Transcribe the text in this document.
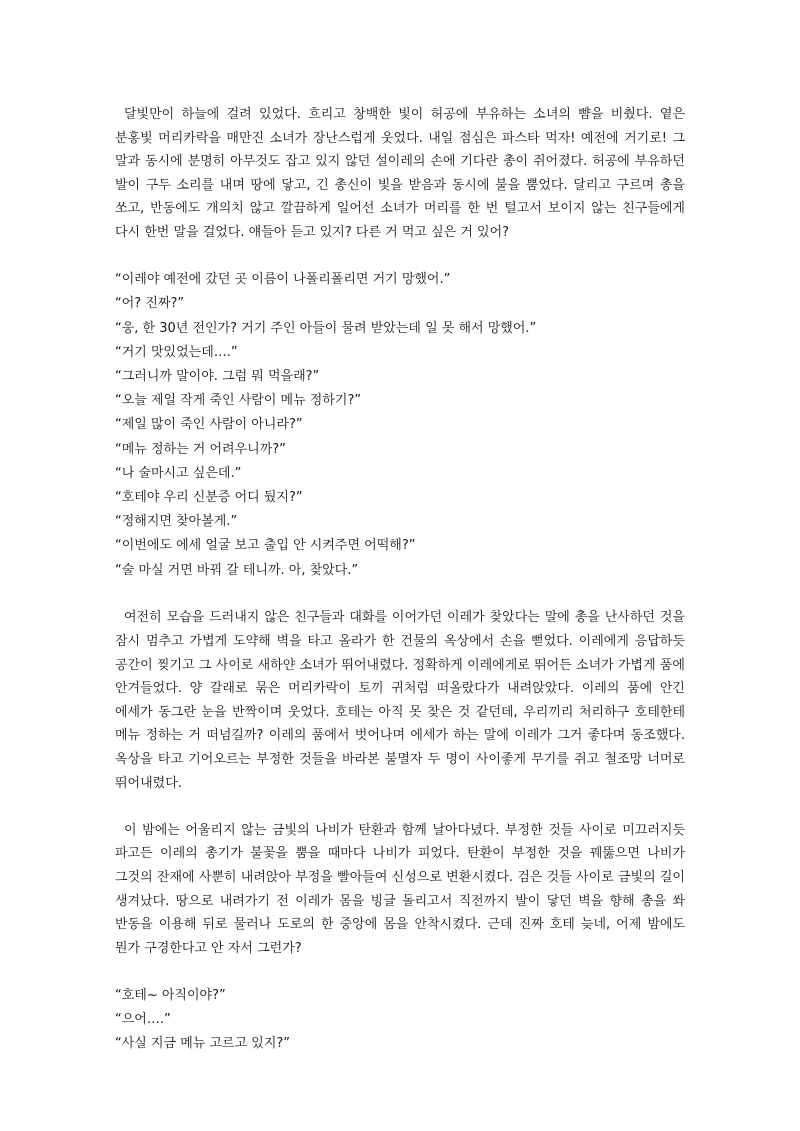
달빛만이 하늘에 걸려 있었다. 흐리고 창백한 빛이 허공에 부유하는 소녀의 뺨을 비췄다. 옅은 분홍빛 머리카락을 매만진 소녀가 장난스럽게 웃었다. 내일 점심은 파스타 먹자! 예전에 거기로! 그 말과 동시에 분명히 아무것도 잡고 있지 않던 설이레의 손에 기다란 총이 쥐어졌다. 허공에 부유하던 발이 구두 소리를 내며 땅에 닿고, 긴 총신이 빛을 받음과 동시에 불을 뿜었다. 달리고 구르며 총을 쏘고, 반동에도 개의치 않고 깔끔하게 일어선 소녀가 머리를 한 번 털고서 보이지 않는 친구들에게 다시 한번 말을 걸었다. 얘들아 듣고 있지? 다른 거 먹고 싶은 거 있어?

“이레야 예전에 갔던 곳 이름이 나폴리폴리면 거기 망했어.”
“어? 진짜?”
“웅, 한 30년 전인가? 거기 주인 아들이 물려 받았는데 일 못 해서 망했어.”
“거기 맛있었는데….”
“그러니까 말이야. 그럼 뭐 먹을래?”
“오늘 제일 작게 죽인 사람이 메뉴 정하기?”
“제일 많이 죽인 사람이 아니라?”
“메뉴 정하는 거 어려우니까?”
“나 술마시고 싶은데.”
“호테야 우리 신분증 어디 뒀지?”
“정해지면 찾아볼게.”
“이번에도 에세 얼굴 보고 출입 안 시켜주면 어떡해?”
“술 마실 거면 바꿔 갈 테니까. 아, 찾았다.”

여전히 모습을 드러내지 않은 친구들과 대화를 이어가던 이레가 찾았다는 말에 총을 난사하던 것을 잠시 멈추고 가볍게 도약해 벽을 타고 올라가 한 건물의 옥상에서 손을 뻗었다. 이레에게 응답하듯 공간이 찢기고 그 사이로 새하얀 소녀가 뛰어내렸다. 정확하게 이레에게로 뛰어든 소녀가 가볍게 품에 안겨들었다. 양 갈래로 묶은 머리카락이 토끼 귀처럼 떠올랐다가 내려앉았다. 이레의 품에 안긴 에세가 동그란 눈을 반짝이며 웃었다. 호테는 아직 못 찾은 것 같던데, 우리끼리 처리하구 호테한테 메뉴 정하는 거 떠넘길까? 이레의 품에서 벗어나며 에세가 하는 말에 이레가 그거 좋다며 동조했다. 옥상을 타고 기어오르는 부정한 것들을 바라본 불멸자 두 명이 사이좋게 무기를 쥐고 철조망 너머로 뛰어내렸다.

이 밤에는 어울리지 않는 금빛의 나비가 탄환과 함께 날아다녔다. 부정한 것들 사이로 미끄러지듯 파고든 이레의 총기가 불꽃을 뿜을 때마다 나비가 피었다. 탄환이 부정한 것을 꿰뚫으면 나비가 그것의 잔재에 사뿐히 내려앉아 부정을 빨아들여 신성으로 변환시켰다. 검은 것들 사이로 금빛의 길이 생겨났다. 땅으로 내려가기 전 이레가 몸을 빙글 돌리고서 직전까지 발이 닿던 벽을 향해 총을 쏴 반동을 이용해 뒤로 물러나 도로의 한 중앙에 몸을 안착시켰다. 근데 진짜 호테 늦네, 어제 밤에도 뭔가 구경한다고 안 자서 그런가?

“호테~ 아직이야?”
“으어….”
“사실 지금 메뉴 고르고 있지?”
